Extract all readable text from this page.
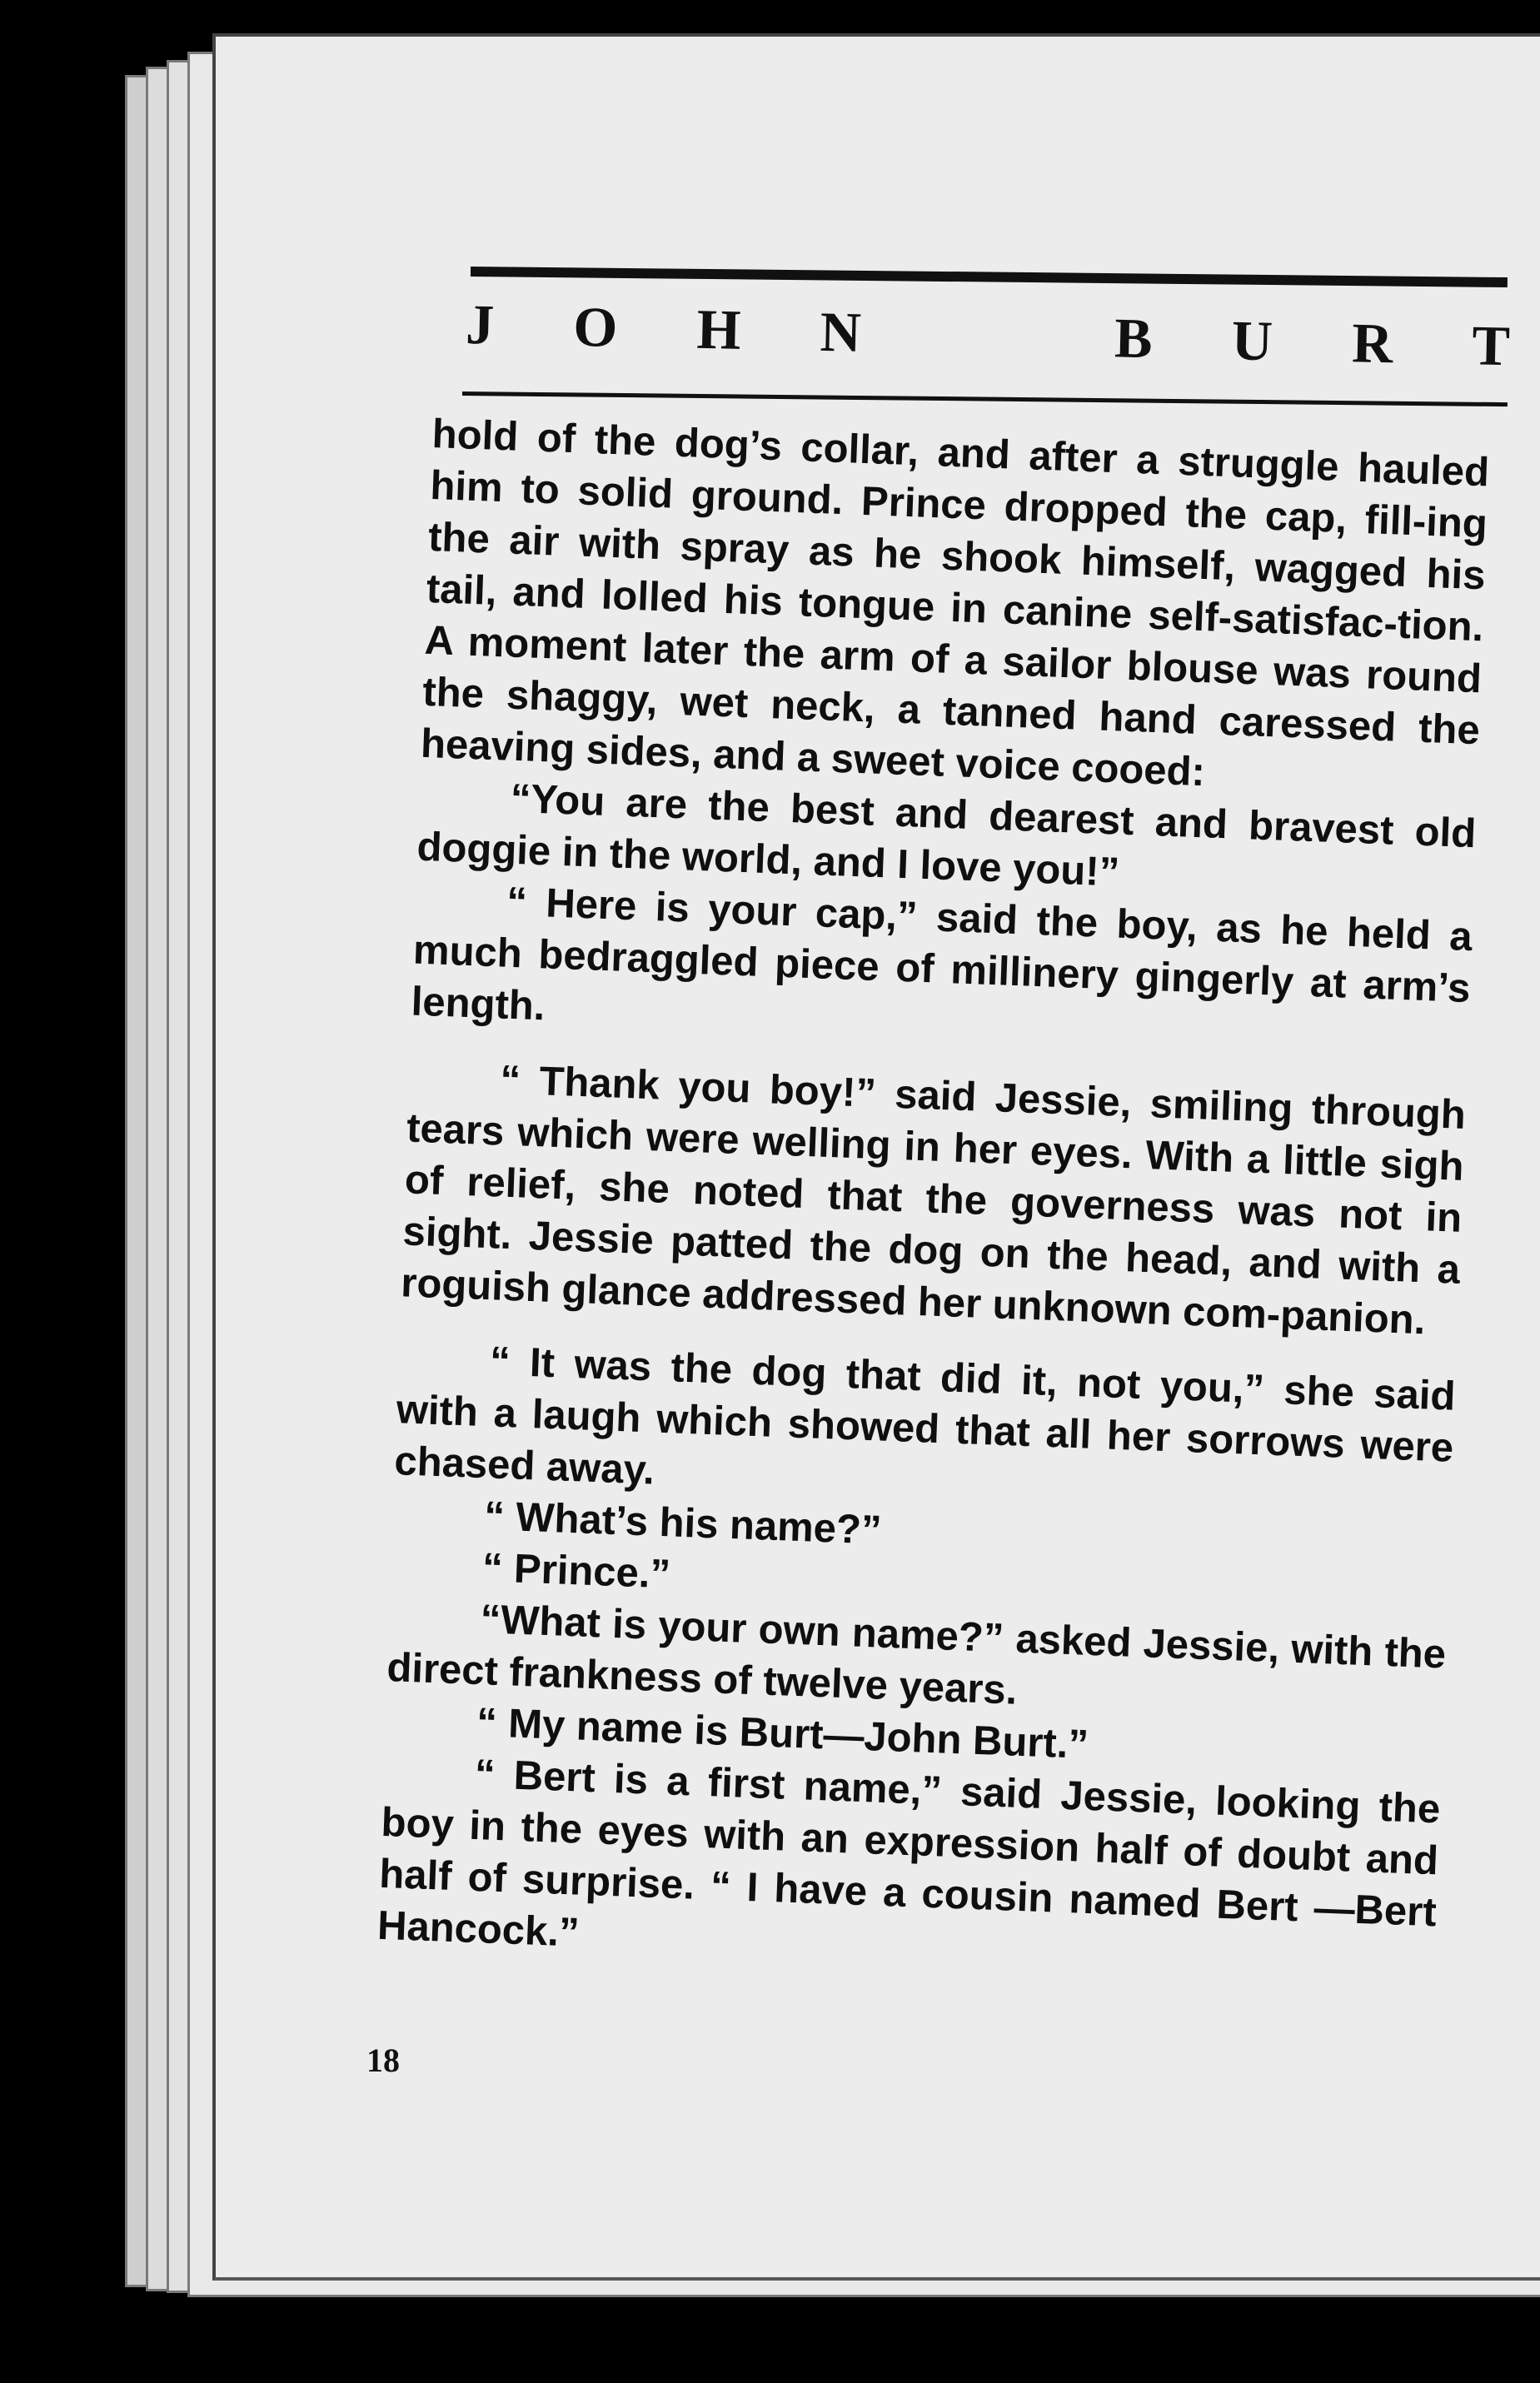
J O H N	B U R T

hold of the dog’s collar, and after a struggle hauled him to solid ground. Prince dropped the cap, fill-ing the air with spray as he shook himself, wagged his tail, and lolled his tongue in canine self-satisfac-tion. A moment later the arm of a sailor blouse was round the shaggy, wet neck, a tanned hand caressed the heaving sides, and a sweet voice cooed:

“You are the best and dearest and bravest old doggie in the world, and I love you!”

“ Here is your cap,” said the boy, as he held a much bedraggled piece of millinery gingerly at arm’s length.

“ Thank you boy!” said Jessie, smiling through tears which were welling in her eyes. With a little sigh of relief, she noted that the governess was not in sight. Jessie patted the dog on the head, and with a roguish glance addressed her unknown com-panion.

“ It was the dog that did it, not you,” she said with a laugh which showed that all her sorrows were chased away.

“ What’s his name?”

“ Prince.”

“What is your own name?” asked Jessie, with the direct frankness of twelve years.

“ My name is Burt—John Burt.”

“ Bert is a first name,” said Jessie, looking the boy in the eyes with an expression half of doubt and half of surprise. “ I have a cousin named Bert —Bert Hancock.”

18
